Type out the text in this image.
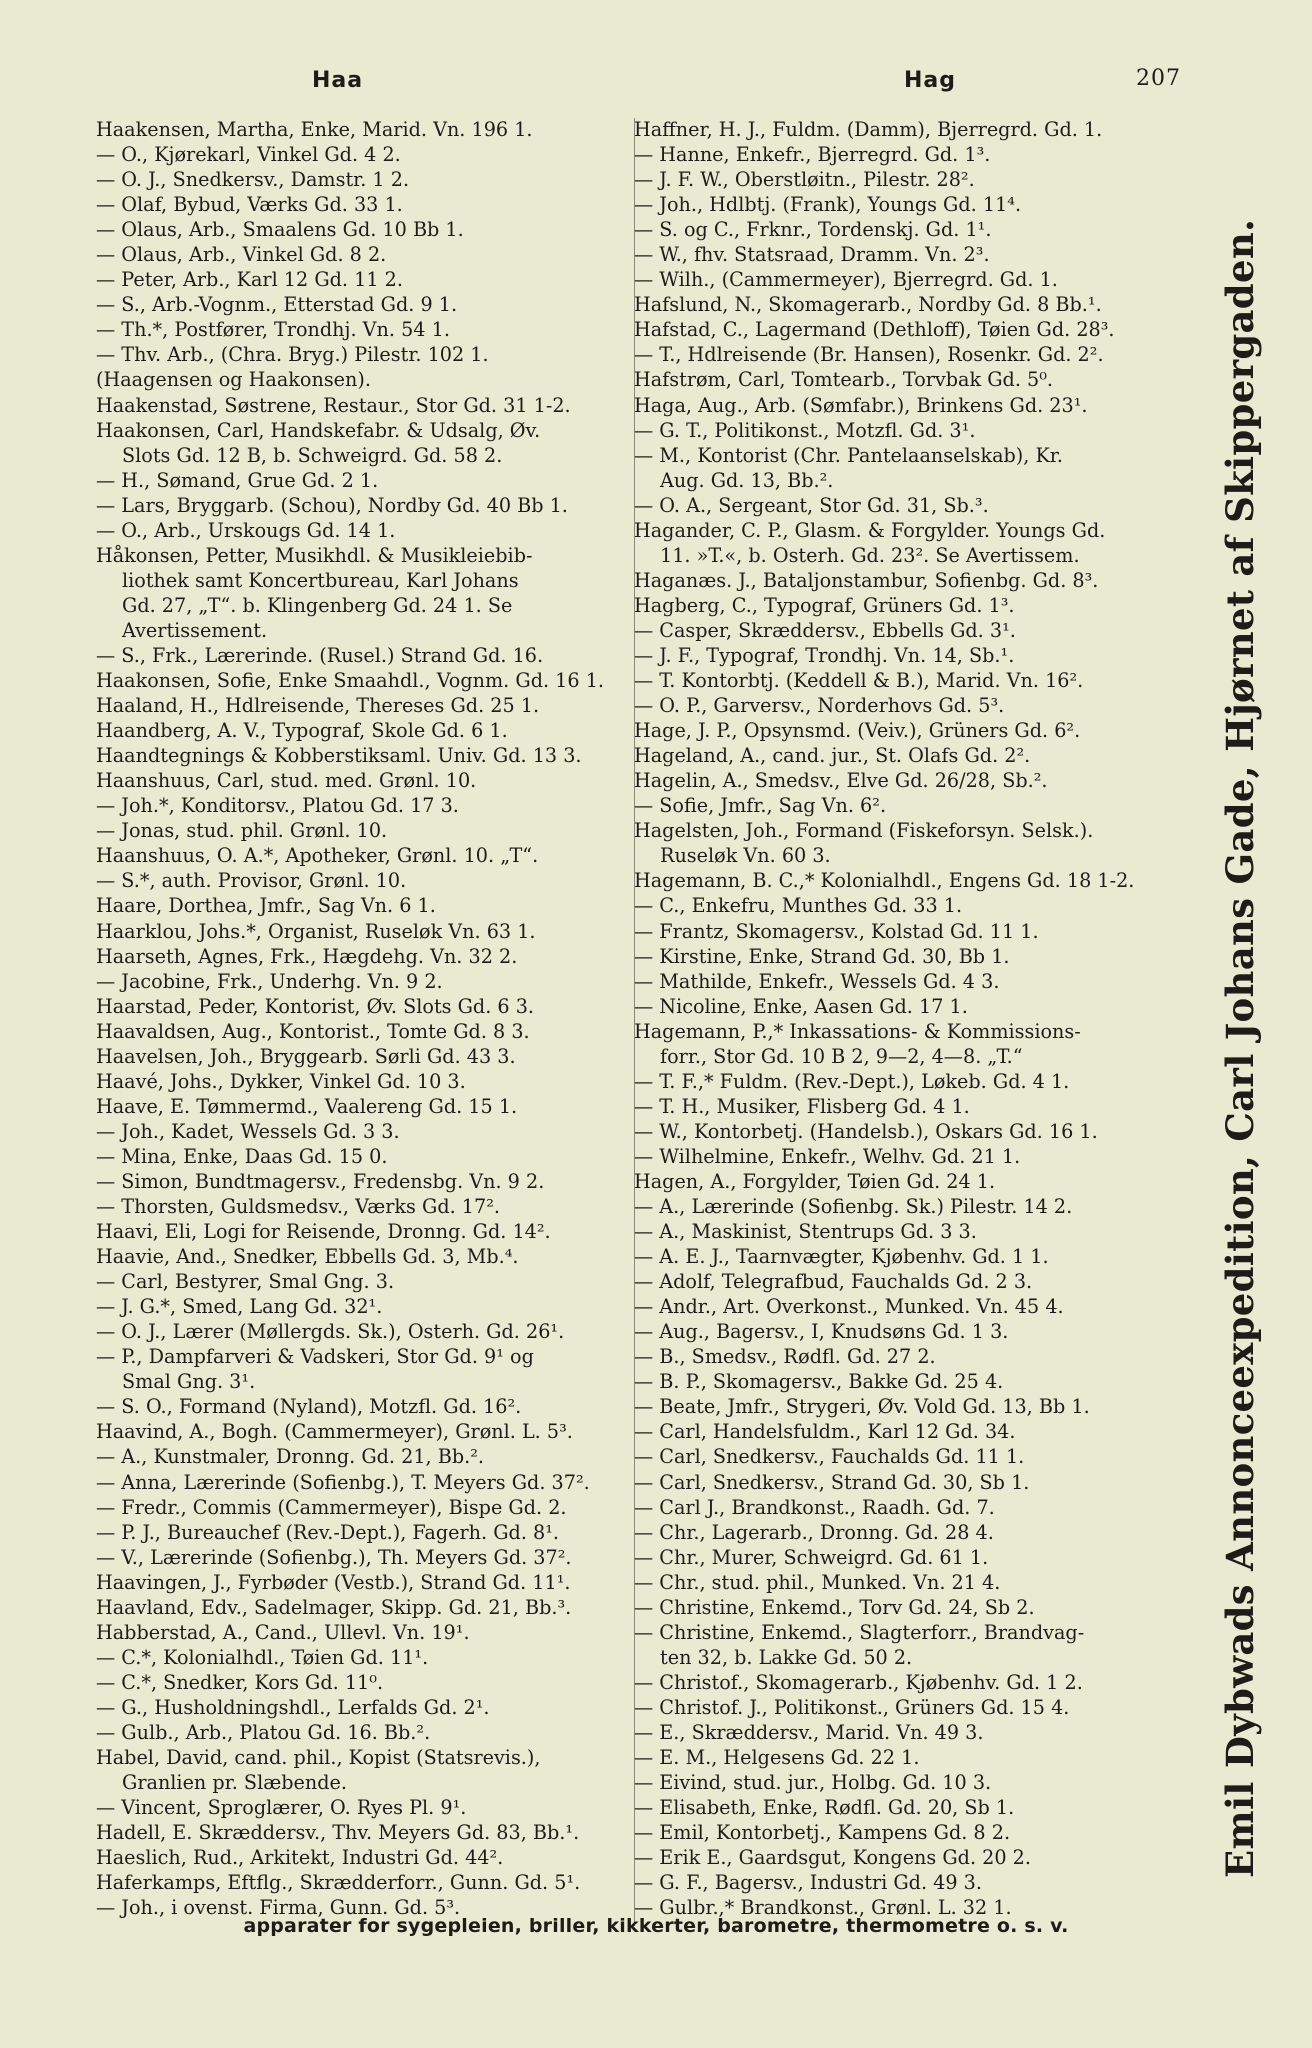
Haa	Hag	207

Haakensen, Martha, Enke, Marid. Vn. 196 1.

— O., Kjørekarl, Vinkel Gd. 4 2.

— O. J., Snedkersv., Damstr. 1 2.

— Olaf, Bybud, Værks Gd. 33 1.

— Olaus, Arb., Smaalens Gd. 10 Bb 1.

— Olaus, Arb., Vinkel Gd. 8 2.

— Peter, Arb., Karl 12 Gd. 11 2.

— S., Arb.-Vognm., Etterstad Gd. 9 1.

— Th.*, Postfører, Trondhj. Vn. 54 1.

— Thv. Arb., (Chra. Bryg.) Pilestr. 102 1.

(Haagensen og Haakonsen).

Haakenstad, Søstrene, Restaur., Stor Gd. 31 1-2.

Haakonsen, Carl, Handskefabr. & Udsalg, Øv.

Slots Gd. 12 B, b. Schweigrd. Gd. 58 2.

— H., Sømand, Grue Gd. 2 1.

— Lars, Bryggarb. (Schou), Nordby Gd. 40 Bb 1.

— O., Arb., Urskougs Gd. 14 1.

Håkonsen, Petter, Musikhdl. & Musikleiebib-

liothek samt Koncertbureau, Karl Johans

Gd. 27, „T“. b. Klingenberg Gd. 24 1. Se

Avertissement.

— S., Frk., Lærerinde. (Rusel.) Strand Gd. 16.

Haakonsen, Sofie, Enke Smaahdl., Vognm. Gd. 16 1.

Haaland, H., Hdlreisende, Thereses Gd. 25 1.

Haandberg, A. V., Typograf, Skole Gd. 6 1.

Haandtegnings & Kobberstiksaml. Univ. Gd. 13 3.

Haanshuus, Carl, stud. med. Grønl. 10.

— Joh.*, Konditorsv., Platou Gd. 17 3.

— Jonas, stud. phil. Grønl. 10.

Haanshuus, O. A.*, Apotheker, Grønl. 10. „T“.

— S.*, auth. Provisor, Grønl. 10.

Haare, Dorthea, Jmfr., Sag Vn. 6 1.

Haarklou, Johs.*, Organist, Ruseløk Vn. 63 1.

Haarseth, Agnes, Frk., Hægdehg. Vn. 32 2.

— Jacobine, Frk., Underhg. Vn. 9 2.

Haarstad, Peder, Kontorist, Øv. Slots Gd. 6 3.

Haavaldsen, Aug., Kontorist., Tomte Gd. 8 3.

Haavelsen, Joh., Bryggearb. Sørli Gd. 43 3.

Haavé, Johs., Dykker, Vinkel Gd. 10 3.

Haave, E. Tømmermd., Vaalereng Gd. 15 1.

— Joh., Kadet, Wessels Gd. 3 3.

— Mina, Enke, Daas Gd. 15 0.

— Simon, Bundtmagersv., Fredensbg. Vn. 9 2.

— Thorsten, Guldsmedsv., Værks Gd. 17².

Haavi, Eli, Logi for Reisende, Dronng. Gd. 14².

Haavie, And., Snedker, Ebbells Gd. 3, Mb.⁴.

— Carl, Bestyrer, Smal Gng. 3.

— J. G.*, Smed, Lang Gd. 32¹.

— O. J., Lærer (Møllergds. Sk.), Osterh. Gd. 26¹.

— P., Dampfarveri & Vadskeri, Stor Gd. 9¹ og

Smal Gng. 3¹.

— S. O., Formand (Nyland), Motzfl. Gd. 16².

Haavind, A., Bogh. (Cammermeyer), Grønl. L. 5³.

— A., Kunstmaler, Dronng. Gd. 21, Bb.².

— Anna, Lærerinde (Sofienbg.), T. Meyers Gd. 37².

— Fredr., Commis (Cammermeyer), Bispe Gd. 2.

— P. J., Bureauchef (Rev.-Dept.), Fagerh. Gd. 8¹.

— V., Lærerinde (Sofienbg.), Th. Meyers Gd. 37².

Haavingen, J., Fyrbøder (Vestb.), Strand Gd. 11¹.

Haavland, Edv., Sadelmager, Skipp. Gd. 21, Bb.³.

Habberstad, A., Cand., Ullevl. Vn. 19¹.

— C.*, Kolonialhdl., Tøien Gd. 11¹.

— C.*, Snedker, Kors Gd. 11⁰.

— G., Husholdningshdl., Lerfalds Gd. 2¹.

— Gulb., Arb., Platou Gd. 16. Bb.².

Habel, David, cand. phil., Kopist (Statsrevis.),

Granlien pr. Slæbende.

— Vincent, Sproglærer, O. Ryes Pl. 9¹.

Hadell, E. Skræddersv., Thv. Meyers Gd. 83, Bb.¹.

Haeslich, Rud., Arkitekt, Industri Gd. 44².

Haferkamps, Eftflg., Skrædderforr., Gunn. Gd. 5¹.

— Joh., i ovenst. Firma, Gunn. Gd. 5³.

Haffner, H. J., Fuldm. (Damm), Bjerregrd. Gd. 1.

— Hanne, Enkefr., Bjerregrd. Gd. 1³.

— J. F. W., Oberstløitn., Pilestr. 28².

— Joh., Hdlbtj. (Frank), Youngs Gd. 11⁴.

— S. og C., Frknr., Tordenskj. Gd. 1¹.

— W., fhv. Statsraad, Dramm. Vn. 2³.

— Wilh., (Cammermeyer), Bjerregrd. Gd. 1.

Hafslund, N., Skomagerarb., Nordby Gd. 8 Bb.¹.

Hafstad, C., Lagermand (Dethloff), Tøien Gd. 28³.

— T., Hdlreisende (Br. Hansen), Rosenkr. Gd. 2².

Hafstrøm, Carl, Tomtearb., Torvbak Gd. 5⁰.

Haga, Aug., Arb. (Sømfabr.), Brinkens Gd. 23¹.

— G. T., Politikonst., Motzfl. Gd. 3¹.

— M., Kontorist (Chr. Pantelaanselskab), Kr.

Aug. Gd. 13, Bb.².

— O. A., Sergeant, Stor Gd. 31, Sb.³.

Hagander, C. P., Glasm. & Forgylder. Youngs Gd.

11. »T.«, b. Osterh. Gd. 23². Se Avertissem.

Haganæs. J., Bataljonstambur, Sofienbg. Gd. 8³.

Hagberg, C., Typograf, Grüners Gd. 1³.

— Casper, Skræddersv., Ebbells Gd. 3¹.

— J. F., Typograf, Trondhj. Vn. 14, Sb.¹.

— T. Kontorbtj. (Keddell & B.), Marid. Vn. 16².

— O. P., Garversv., Norderhovs Gd. 5³.

Hage, J. P., Opsynsmd. (Veiv.), Grüners Gd. 6².

Hageland, A., cand. jur., St. Olafs Gd. 2².

Hagelin, A., Smedsv., Elve Gd. 26/28, Sb.².

— Sofie, Jmfr., Sag Vn. 6².

Hagelsten, Joh., Formand (Fiskeforsyn. Selsk.).

Ruseløk Vn. 60 3.

Hagemann, B. C.,* Kolonialhdl., Engens Gd. 18 1-2.

— C., Enkefru, Munthes Gd. 33 1.

— Frantz, Skomagersv., Kolstad Gd. 11 1.

— Kirstine, Enke, Strand Gd. 30, Bb 1.

— Mathilde, Enkefr., Wessels Gd. 4 3.

— Nicoline, Enke, Aasen Gd. 17 1.

Hagemann, P.,* Inkassations- & Kommissions-

forr., Stor Gd. 10 B 2, 9—2, 4—8. „T.“

— T. F.,* Fuldm. (Rev.-Dept.), Løkeb. Gd. 4 1.

— T. H., Musiker, Flisberg Gd. 4 1.

— W., Kontorbetj. (Handelsb.), Oskars Gd. 16 1.

— Wilhelmine, Enkefr., Welhv. Gd. 21 1.

Hagen, A., Forgylder, Tøien Gd. 24 1.

— A., Lærerinde (Sofienbg. Sk.) Pilestr. 14 2.

— A., Maskinist, Stentrups Gd. 3 3.

— A. E. J., Taarnvægter, Kjøbenhv. Gd. 1 1.

— Adolf, Telegrafbud, Fauchalds Gd. 2 3.

— Andr., Art. Overkonst., Munked. Vn. 45 4.

— Aug., Bagersv., I, Knudsøns Gd. 1 3.

— B., Smedsv., Rødfl. Gd. 27 2.

— B. P., Skomagersv., Bakke Gd. 25 4.

— Beate, Jmfr., Strygeri, Øv. Vold Gd. 13, Bb 1.

— Carl, Handelsfuldm., Karl 12 Gd. 34.

— Carl, Snedkersv., Fauchalds Gd. 11 1.

— Carl, Snedkersv., Strand Gd. 30, Sb 1.

— Carl J., Brandkonst., Raadh. Gd. 7.

— Chr., Lagerarb., Dronng. Gd. 28 4.

— Chr., Murer, Schweigrd. Gd. 61 1.

— Chr., stud. phil., Munked. Vn. 21 4.

— Christine, Enkemd., Torv Gd. 24, Sb 2.

— Christine, Enkemd., Slagterforr., Brandvag-

ten 32, b. Lakke Gd. 50 2.

— Christof., Skomagerarb., Kjøbenhv. Gd. 1 2.

— Christof. J., Politikonst., Grüners Gd. 15 4.

— E., Skræddersv., Marid. Vn. 49 3.

— E. M., Helgesens Gd. 22 1.

— Eivind, stud. jur., Holbg. Gd. 10 3.

— Elisabeth, Enke, Rødfl. Gd. 20, Sb 1.

— Emil, Kontorbetj., Kampens Gd. 8 2.

— Erik E., Gaardsgut, Kongens Gd. 20 2.

— G. F., Bagersv., Industri Gd. 49 3.

— Gulbr.,* Brandkonst., Grønl. L. 32 1.

Emil Dybwads Annonceexpedition, Carl Johans Gade, Hjørnet af Skippergaden.
apparater for sygepleien, briller, kikkerter, barometre, thermometre o. s. v.
